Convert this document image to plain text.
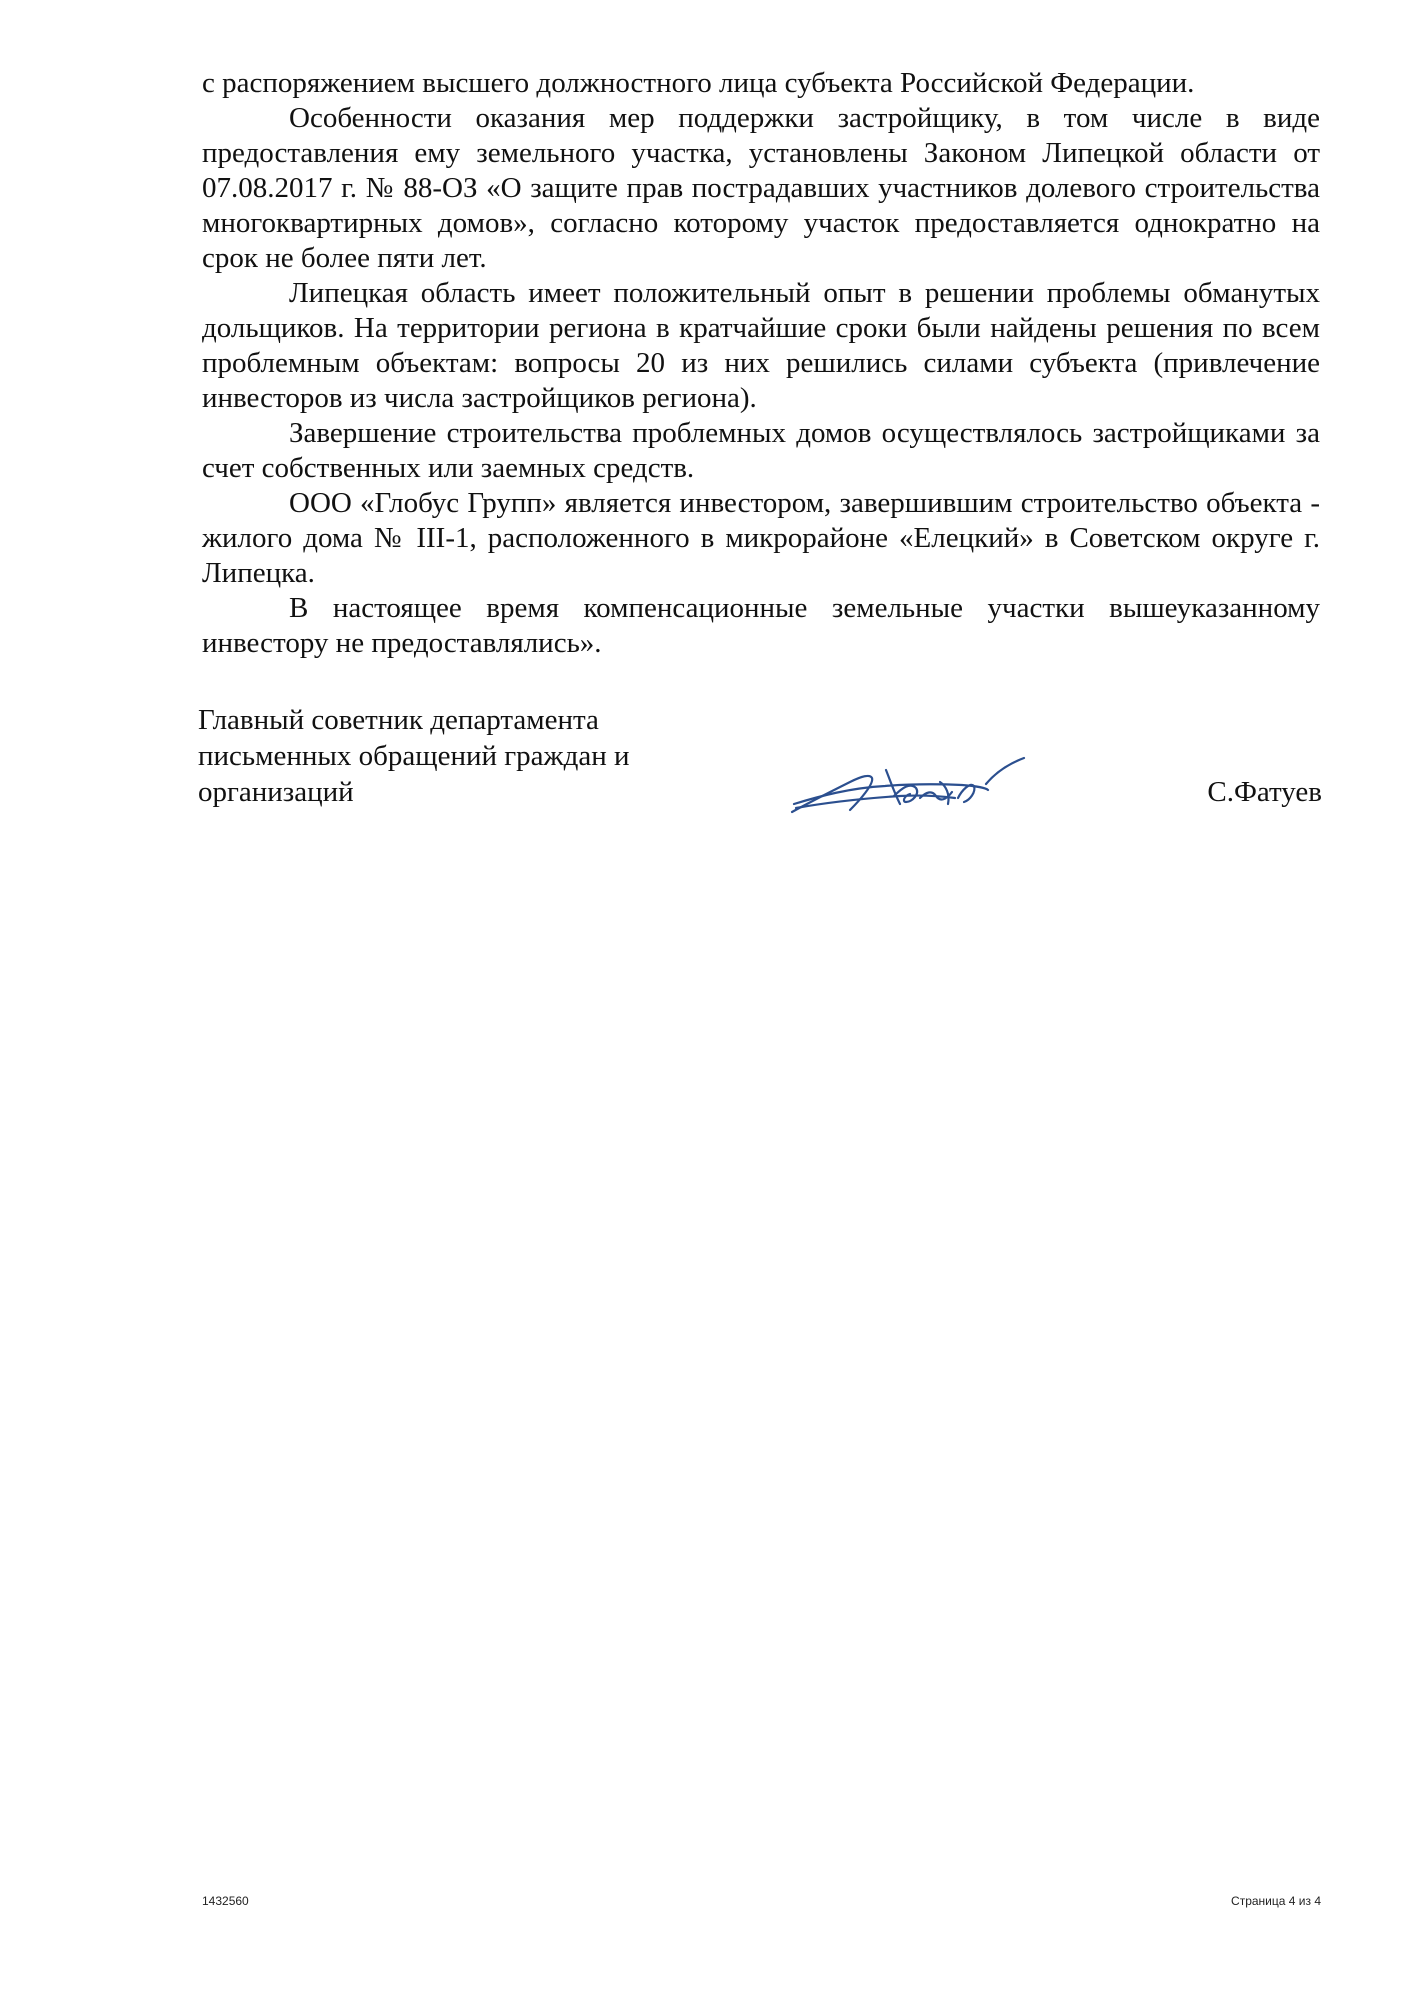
с распоряжением высшего должностного лица субъекта Российской Федерации.

Особенности оказания мер поддержки застройщику, в том числе в виде предоставления ему земельного участка, установлены Законом Липецкой области от 07.08.2017 г. № 88-ОЗ «О защите прав пострадавших участников долевого строительства многоквартирных домов», согласно которому участок предоставляется однократно на срок не более пяти лет.

Липецкая область имеет положительный опыт в решении проблемы обманутых дольщиков. На территории региона в кратчайшие сроки были найдены решения по всем проблемным объектам: вопросы 20 из них решились силами субъекта (привлечение инвесторов из числа застройщиков региона).

Завершение строительства проблемных домов осуществлялось застройщиками за счет собственных или заемных средств.

ООО «Глобус Групп» является инвестором, завершившим строительство объекта - жилого дома № III-1, расположенного в микрорайоне «Елецкий» в Советском округе г. Липецка.

В настоящее время компенсационные земельные участки вышеуказанному инвестору не предоставлялись».

Главный советник департамента
письменных обращений граждан и
организаций	С.Фатуев
1432560	Страница 4 из 4
